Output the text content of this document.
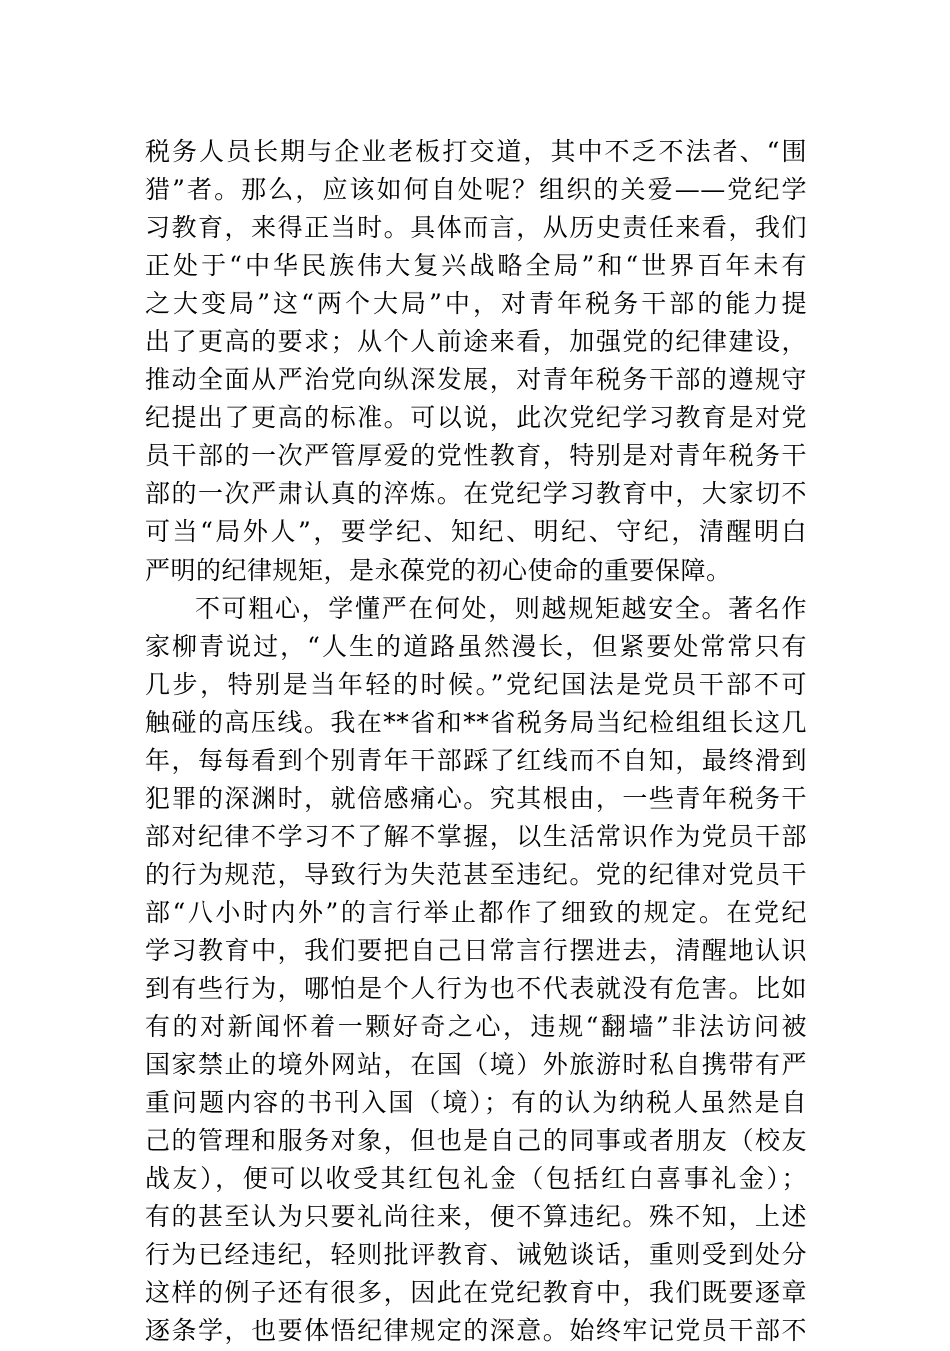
税务人员长期与企业老板打交道，其中不乏不法者、“围
猎”者。那么，应该如何自处呢？组织的关爱——党纪学
习教育，来得正当时。具体而言，从历史责任来看，我们
正处于“中华民族伟大复兴战略全局”和“世界百年未有
之大变局”这“两个大局”中，对青年税务干部的能力提
出了更高的要求；从个人前途来看，加强党的纪律建设，
推动全面从严治党向纵深发展，对青年税务干部的遵规守
纪提出了更高的标准。可以说，此次党纪学习教育是对党
员干部的一次严管厚爱的党性教育，特别是对青年税务干
部的一次严肃认真的淬炼。在党纪学习教育中，大家切不
可当“局外人”，要学纪、知纪、明纪、守纪，清醒明白
严明的纪律规矩，是永葆党的初心使命的重要保障。
不可粗心，学懂严在何处，则越规矩越安全。著名作
家柳青说过，“人生的道路虽然漫长，但紧要处常常只有
几步，特别是当年轻的时候。”党纪国法是党员干部不可
触碰的高压线。我在**省和**省税务局当纪检组组长这几
年，每每看到个别青年干部踩了红线而不自知，最终滑到
犯罪的深渊时，就倍感痛心。究其根由，一些青年税务干
部对纪律不学习不了解不掌握，以生活常识作为党员干部
的行为规范，导致行为失范甚至违纪。党的纪律对党员干
部“八小时内外”的言行举止都作了细致的规定。在党纪
学习教育中，我们要把自己日常言行摆进去，清醒地认识
到有些行为，哪怕是个人行为也不代表就没有危害。比如
有的对新闻怀着一颗好奇之心，违规“翻墙”非法访问被
国家禁止的境外网站，在国（境）外旅游时私自携带有严
重问题内容的书刊入国（境）；有的认为纳税人虽然是自
己的管理和服务对象，但也是自己的同事或者朋友（校友
战友），便可以收受其红包礼金（包括红白喜事礼金）；
有的甚至认为只要礼尚往来，便不算违纪。殊不知，上述
行为已经违纪，轻则批评教育、诫勉谈话，重则受到处分
这样的例子还有很多，因此在党纪教育中，我们既要逐章
逐条学，也要体悟纪律规定的深意。始终牢记党员干部不
